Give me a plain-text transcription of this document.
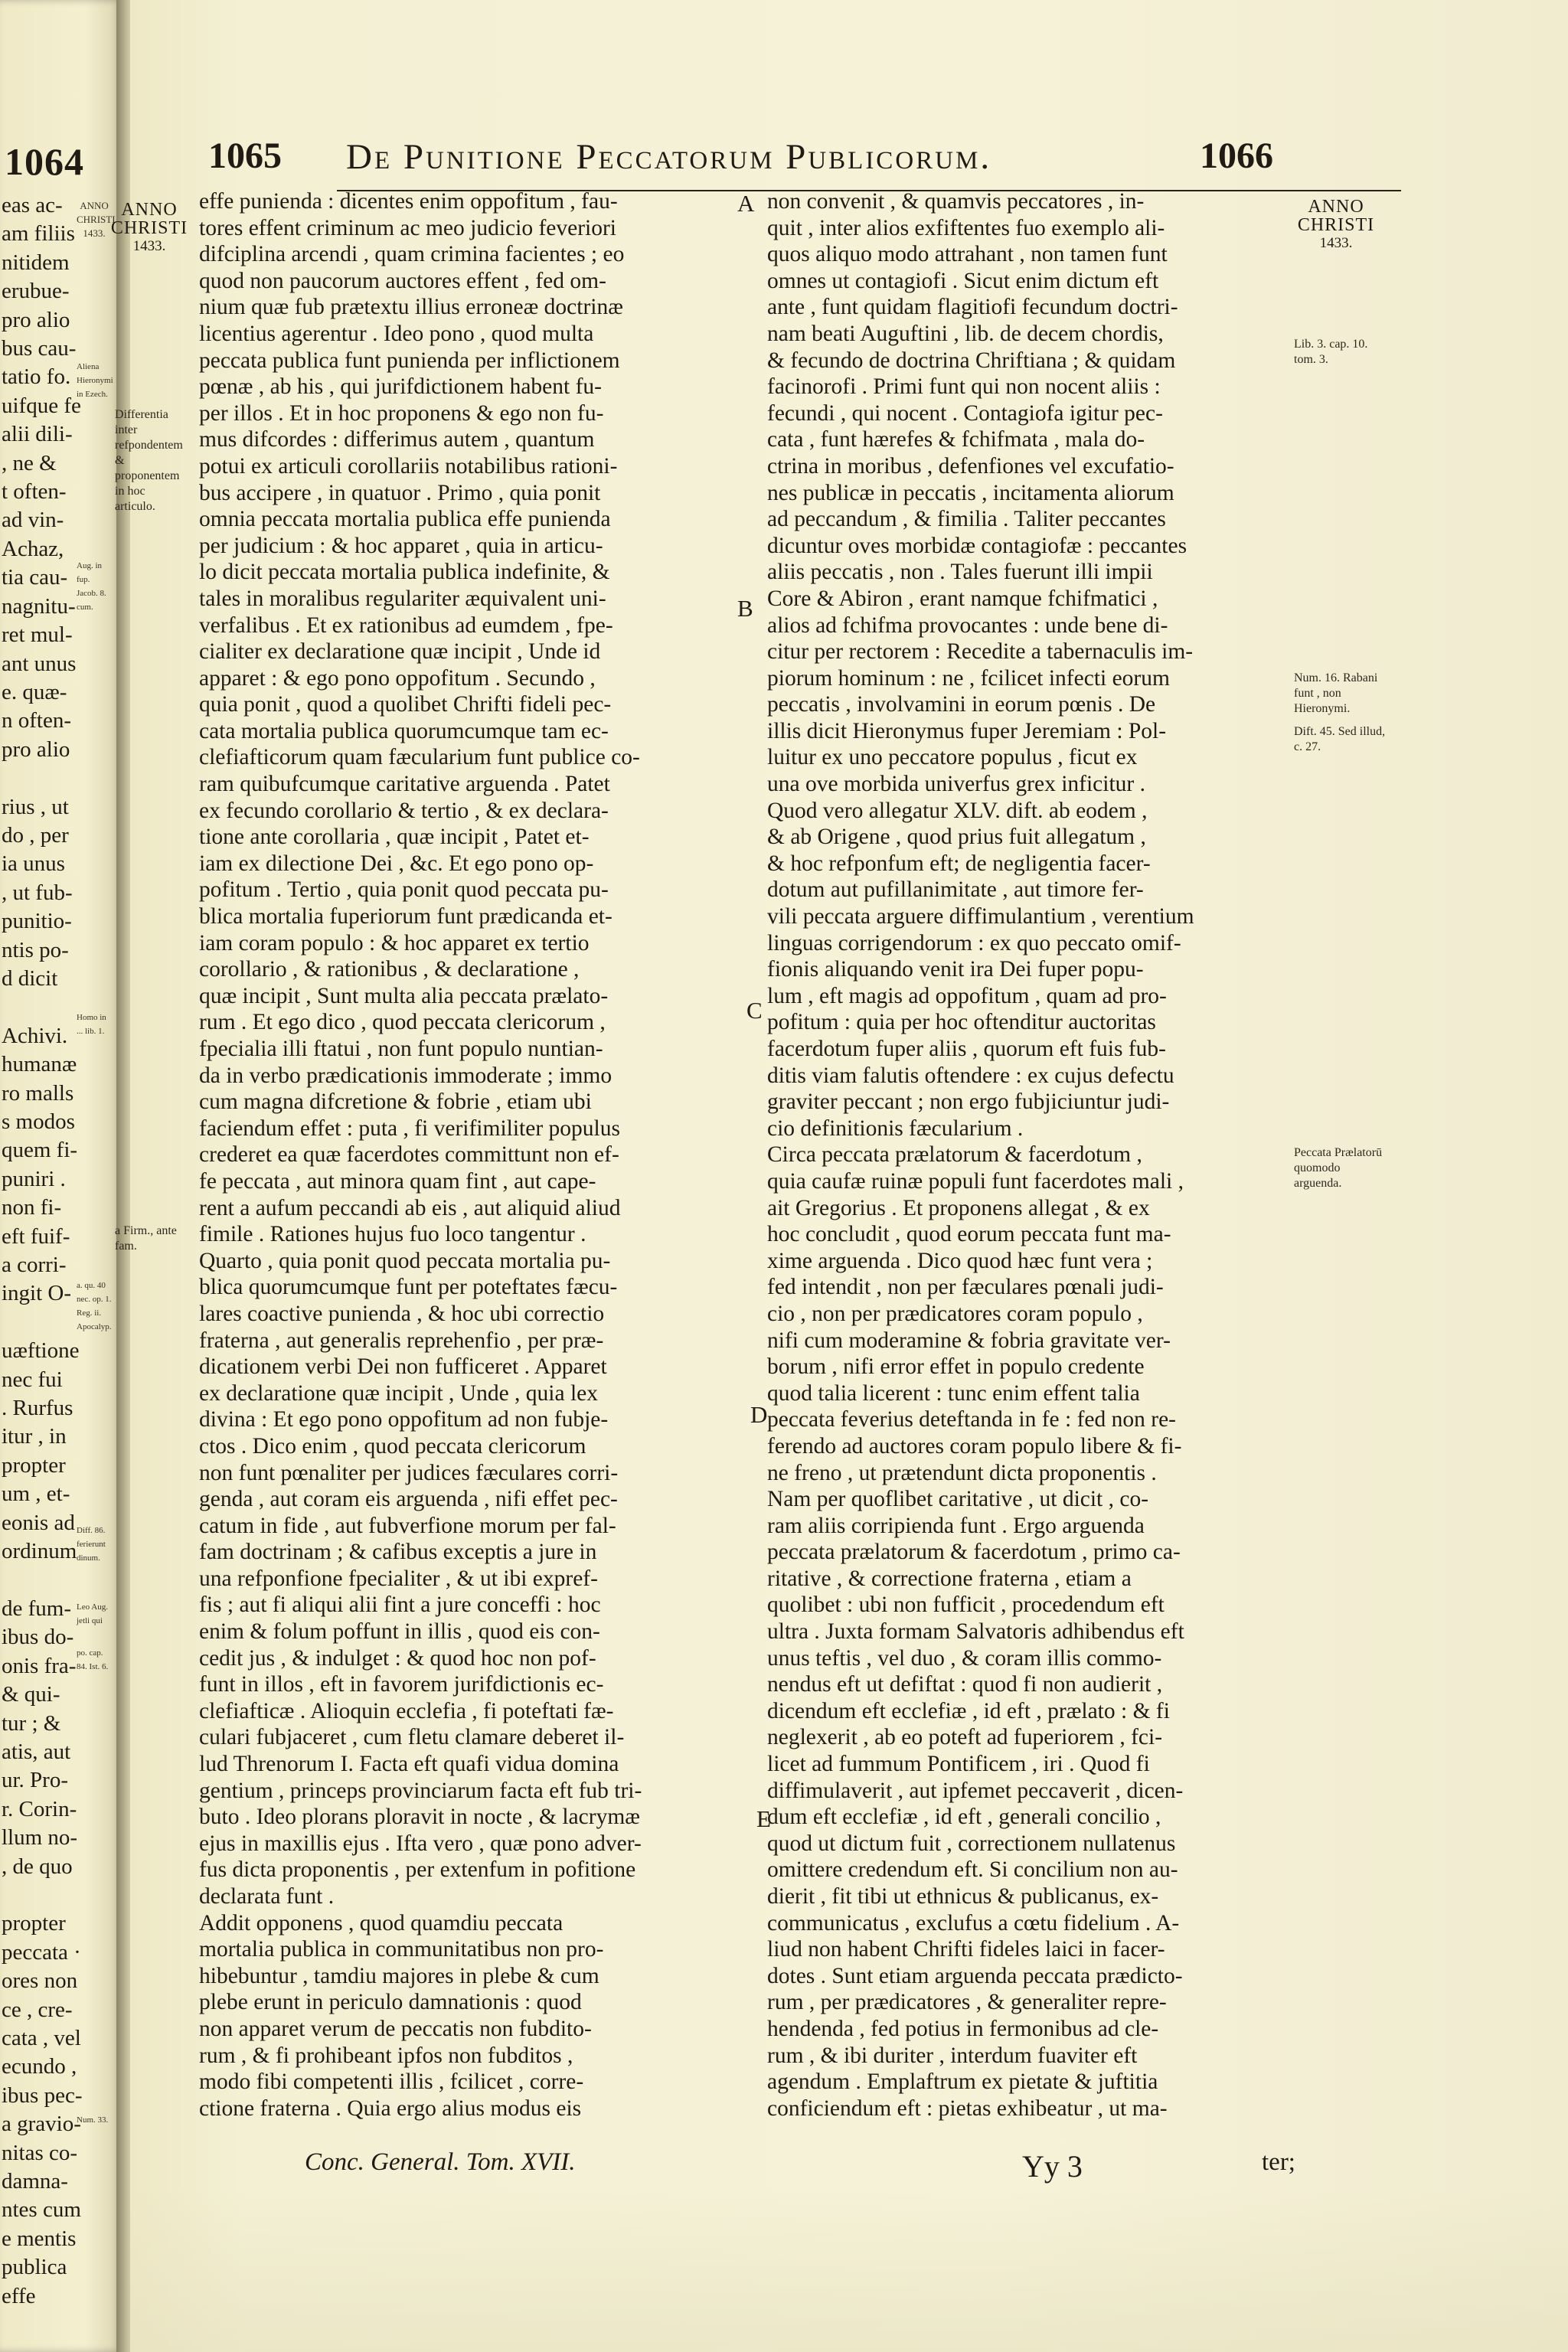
1064
eas ac-
am filiis
nitidem
erubue-
pro alio
bus cau-
tatio fo.
uifque fe
alii dili-
, ne &
t often-
ad vin-
Achaz,
tia cau-
nagnitu-
ret mul-
ant unus
e. quæ-
n often-
pro alio

rius , ut
do , per
ia unus
, ut fub-
punitio-
ntis po-
d dicit

Achivi.
humanæ
ro malls
s modos
quem fi-
puniri .
non fi-
eft fuif-
a corri-
ingit O-

uæftione
nec fui
. Rurfus
itur , in
propter
um , et-
eonis ad
ordinum

de fum-
ibus do-
onis fra-
& qui-
tur ; &
atis, aut
ur. Pro-
r. Corin-
llum no-
, de quo

propter
peccata ·
ores non
ce , cre-
cata , vel
ecundo ,
ibus pec-
a gravio-
nitas co-
damna-
ntes cum
e mentis
publica
effe
ANNO CHRISTI 1433.
Aliena Hieronymi in Ezech.
Aug. in fup. Jacob. 8. cum.
Homo in ... lib. 1.
a. qu. 40 nec. op. 1. Reg. ii. Apocalyp.
Diff. 86. ferierunt dinum.
Leo Aug. jetli qui
po. cap. 84. Ist. 6.
Num. 33.
1065 De Punitione Peccatorum Publicorum.	1066
ANNO
CHRISTI
1433.
ANNO
CHRISTI
1433.
Differentia inter refpondentem & proponentem in hoc articulo.
a Firm., ante fam.
Lib. 3. cap. 10. tom. 3.
Num. 16. Rabani funt , non Hieronymi.
Dift. 45. Sed illud, c. 27.
Peccata Prælatorū quomodo arguenda.
A
B
C
D
E
effe punienda : dicentes enim oppofitum , fau-
tores effent criminum ac meo judicio feveriori
difciplina arcendi , quam crimina facientes ; eo
quod non paucorum auctores effent , fed om-
nium quæ fub prætextu illius erroneæ doctrinæ
licentius agerentur . Ideo pono , quod multa
peccata publica funt punienda per inflictionem
pœnæ , ab his , qui jurifdictionem habent fu-
per illos . Et in hoc proponens & ego non fu-
mus difcordes : differimus autem , quantum
potui ex articuli corollariis notabilibus rationi-
bus accipere , in quatuor . Primo , quia ponit
omnia peccata mortalia publica effe punienda
per judicium : & hoc apparet , quia in articu-
lo dicit peccata mortalia publica indefinite, &
tales in moralibus regulariter æquivalent uni-
verfalibus . Et ex rationibus ad eumdem , fpe-
cialiter ex declaratione quæ incipit , Unde id
apparet : & ego pono oppofitum . Secundo ,
quia ponit , quod a quolibet Chrifti fideli pec-
cata mortalia publica quorumcumque tam ec-
clefiafticorum quam fæcularium funt publice co-
ram quibufcumque caritative arguenda . Patet
ex fecundo corollario & tertio , & ex declara-
tione ante corollaria , quæ incipit , Patet et-
iam ex dilectione Dei , &c. Et ego pono op-
pofitum . Tertio , quia ponit quod peccata pu-
blica mortalia fuperiorum funt prædicanda et-
iam coram populo : & hoc apparet ex tertio
corollario , & rationibus , & declaratione ,
quæ incipit , Sunt multa alia peccata prælato-
rum . Et ego dico , quod peccata clericorum ,
fpecialia illi ftatui , non funt populo nuntian-
da in verbo prædicationis immoderate ; immo
cum magna difcretione & fobrie , etiam ubi
faciendum effet : puta , fi verifimiliter populus
crederet ea quæ facerdotes committunt non ef-
fe peccata , aut minora quam fint , aut cape-
rent a aufum peccandi ab eis , aut aliquid aliud
fimile . Rationes hujus fuo loco tangentur .
Quarto , quia ponit quod peccata mortalia pu-
blica quorumcumque funt per poteftates fæcu-
lares coactive punienda , & hoc ubi correctio
fraterna , aut generalis reprehenfio , per præ-
dicationem verbi Dei non fufficeret . Apparet
ex declaratione quæ incipit , Unde , quia lex
divina : Et ego pono oppofitum ad non fubje-
ctos . Dico enim , quod peccata clericorum
non funt pœnaliter per judices fæculares corri-
genda , aut coram eis arguenda , nifi effet pec-
catum in fide , aut fubverfione morum per fal-
fam doctrinam ; & cafibus exceptis a jure in
una refponfione fpecialiter , & ut ibi expref-
fis ; aut fi aliqui alii fint a jure conceffi : hoc
enim & folum poffunt in illis , quod eis con-
cedit jus , & indulget : & quod hoc non pof-
funt in illos , eft in favorem jurifdictionis ec-
clefiafticæ . Alioquin ecclefia , fi poteftati fæ-
culari fubjaceret , cum fletu clamare deberet il-
lud Threnorum I. Facta eft quafi vidua domina
gentium , princeps provinciarum facta eft fub tri-
buto . Ideo plorans ploravit in nocte , & lacrymæ
ejus in maxillis ejus . Ifta vero , quæ pono adver-
fus dicta proponentis , per extenfum in pofitione
declarata funt .
Addit opponens , quod quamdiu peccata
mortalia publica in communitatibus non pro-
hibebuntur , tamdiu majores in plebe & cum
plebe erunt in periculo damnationis : quod
non apparet verum de peccatis non fubdito-
rum , & fi prohibeant ipfos non fubditos ,
modo fibi competenti illis , fcilicet , corre-
ctione fraterna . Quia ergo alius modus eis
non convenit , & quamvis peccatores , in-
quit , inter alios exfiftentes fuo exemplo ali-
quos aliquo modo attrahant , non tamen funt
omnes ut contagiofi . Sicut enim dictum eft
ante , funt quidam flagitiofi fecundum doctri-
nam beati Auguftini , lib. de decem chordis,
& fecundo de doctrina Chriftiana ; & quidam
facinorofi . Primi funt qui non nocent aliis :
fecundi , qui nocent . Contagiofa igitur pec-
cata , funt hærefes & fchifmata , mala do-
ctrina in moribus , defenfiones vel excufatio-
nes publicæ in peccatis , incitamenta aliorum
ad peccandum , & fimilia . Taliter peccantes
dicuntur oves morbidæ contagiofæ : peccantes
aliis peccatis , non . Tales fuerunt illi impii
Core & Abiron , erant namque fchifmatici ,
alios ad fchifma provocantes : unde bene di-
citur per rectorem : Recedite a tabernaculis im-
piorum hominum : ne , fcilicet infecti eorum
peccatis , involvamini in eorum pœnis . De
illis dicit Hieronymus fuper Jeremiam : Pol-
luitur ex uno peccatore populus , ficut ex
una ove morbida univerfus grex inficitur .
Quod vero allegatur XLV. dift. ab eodem ,
& ab Origene , quod prius fuit allegatum ,
& hoc refponfum eft; de negligentia facer-
dotum aut pufillanimitate , aut timore fer-
vili peccata arguere diffimulantium , verentium
linguas corrigendorum : ex quo peccato omif-
fionis aliquando venit ira Dei fuper popu-
lum , eft magis ad oppofitum , quam ad pro-
pofitum : quia per hoc oftenditur auctoritas
facerdotum fuper aliis , quorum eft fuis fub-
ditis viam falutis oftendere : ex cujus defectu
graviter peccant ; non ergo fubjiciuntur judi-
cio definitionis fæcularium .
Circa peccata prælatorum & facerdotum ,
quia caufæ ruinæ populi funt facerdotes mali ,
ait Gregorius . Et proponens allegat , & ex
hoc concludit , quod eorum peccata funt ma-
xime arguenda . Dico quod hæc funt vera ;
fed intendit , non per fæculares pœnali judi-
cio , non per prædicatores coram populo ,
nifi cum moderamine & fobria gravitate ver-
borum , nifi error effet in populo credente
quod talia licerent : tunc enim effent talia
peccata feverius deteftanda in fe : fed non re-
ferendo ad auctores coram populo libere & fi-
ne freno , ut prætendunt dicta proponentis .
Nam per quoflibet caritative , ut dicit , co-
ram aliis corripienda funt . Ergo arguenda
peccata prælatorum & facerdotum , primo ca-
ritative , & correctione fraterna , etiam a
quolibet : ubi non fufficit , procedendum eft
ultra . Juxta formam Salvatoris adhibendus eft
unus teftis , vel duo , & coram illis commo-
nendus eft ut defiftat : quod fi non audierit ,
dicendum eft ecclefiæ , id eft , prælato : & fi
neglexerit , ab eo poteft ad fuperiorem , fci-
licet ad fummum Pontificem , iri . Quod fi
diffimulaverit , aut ipfemet peccaverit , dicen-
dum eft ecclefiæ , id eft , generali concilio ,
quod ut dictum fuit , correctionem nullatenus
omittere credendum eft. Si concilium non au-
dierit , fit tibi ut ethnicus & publicanus, ex-
communicatus , exclufus a cœtu fidelium . A-
liud non habent Chrifti fideles laici in facer-
dotes . Sunt etiam arguenda peccata prædicto-
rum , per prædicatores , & generaliter repre-
hendenda , fed potius in fermonibus ad cle-
rum , & ibi duriter , interdum fuaviter eft
agendum . Emplaftrum ex pietate & juftitia
conficiendum eft : pietas exhibeatur , ut ma-
Conc. General. Tom. XVII.	Yy 3	ter;
